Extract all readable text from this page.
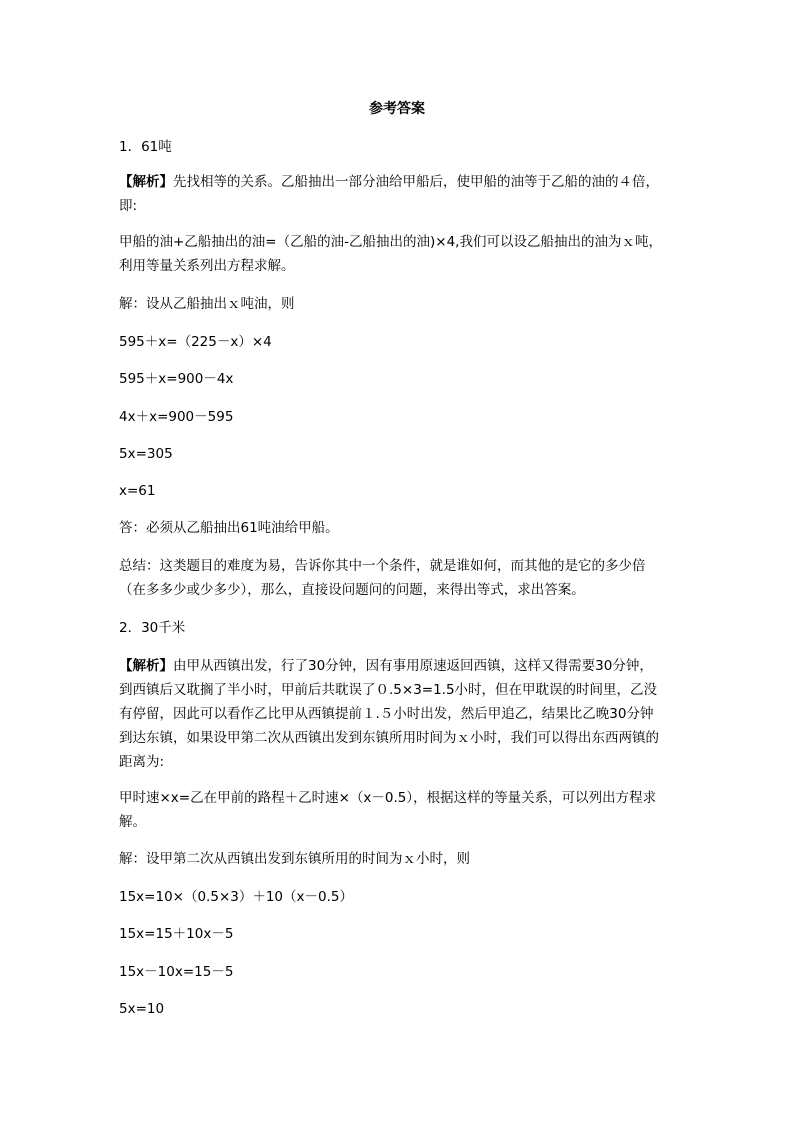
参考答案
1．61吨
【解析】先找相等的关系。乙船抽出一部分油给甲船后，使甲船的油等于乙船的油的４倍，
即:
甲船的油+乙船抽出的油=（乙船的油-乙船抽出的油)×4,我们可以设乙船抽出的油为ｘ吨，
利用等量关系列出方程求解。
解：设从乙船抽出ｘ吨油，则
595＋x=（225－x）×4
595＋x=900－4x
4x＋x=900－595
5x=305
x=61
答：必须从乙船抽出61吨油给甲船。
总结：这类题目的难度为易，告诉你其中一个条件，就是谁如何，而其他的是它的多少倍
（在多多少或少多少），那么，直接设问题问的问题，来得出等式，求出答案。
2．30千米
【解析】由甲从西镇出发，行了30分钟，因有事用原速返回西镇，这样又得需要30分钟，
到西镇后又耽搁了半小时，甲前后共耽误了０.5×3=1.5小时，但在甲耽误的时间里，乙没
有停留，因此可以看作乙比甲从西镇提前１.５小时出发，然后甲追乙，结果比乙晚30分钟
到达东镇，如果设甲第二次从西镇出发到东镇所用时间为ｘ小时，我们可以得出东西两镇的
距离为:
甲时速×x=乙在甲前的路程＋乙时速×（x－0.5），根据这样的等量关系，可以列出方程求
解。
解：设甲第二次从西镇出发到东镇所用的时间为ｘ小时，则
15x=10×（0.5×3）＋10（x－0.5）
15x=15＋10x－5
15x－10x=15－5
5x=10
